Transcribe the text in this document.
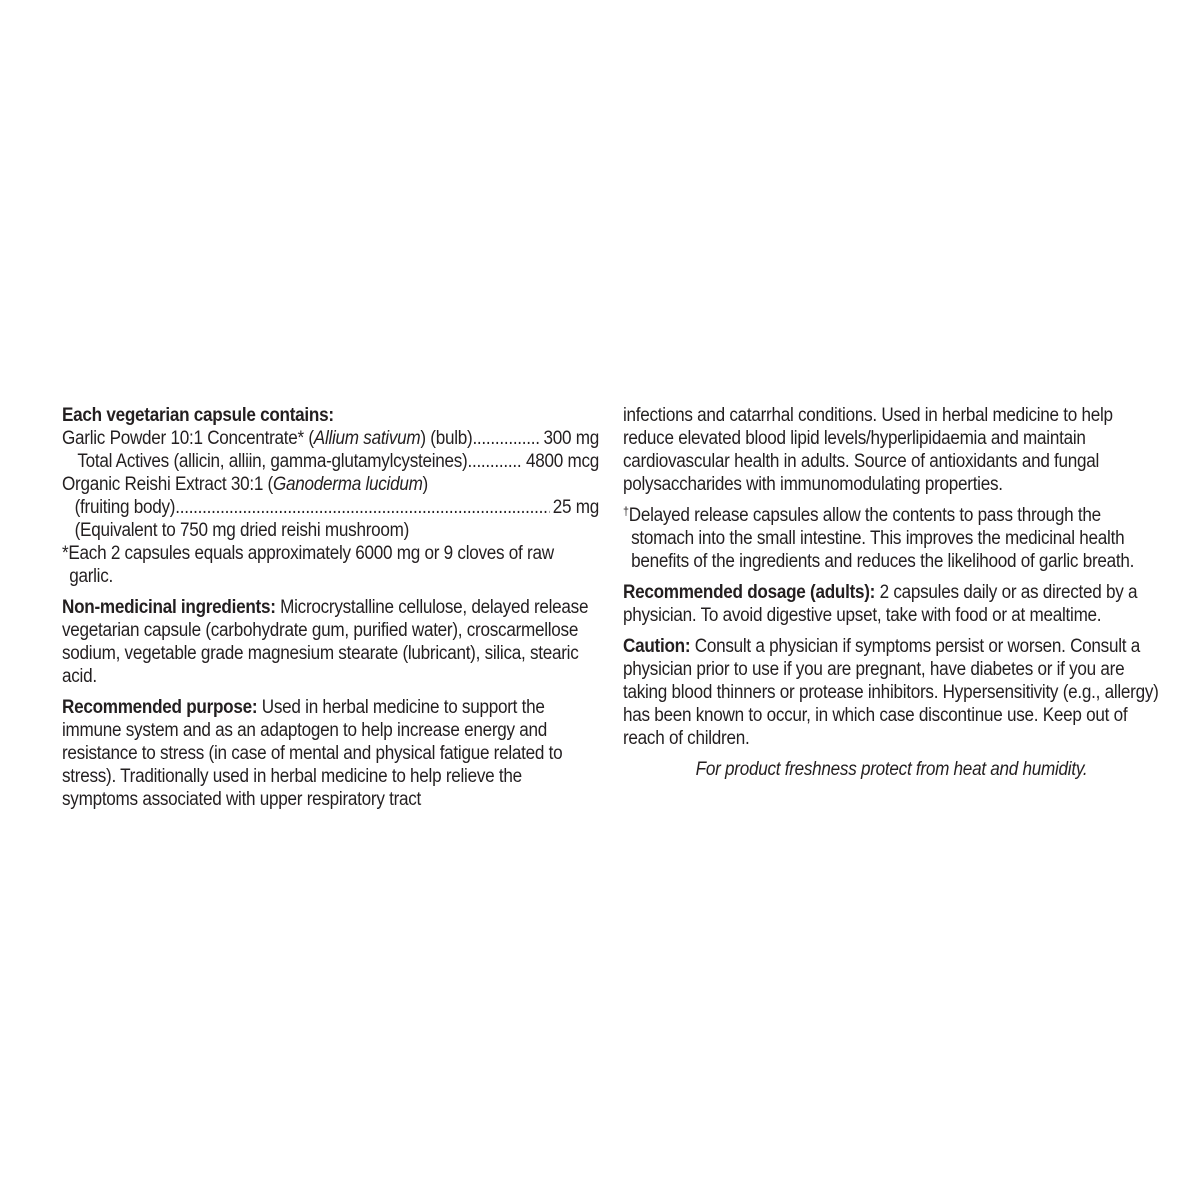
Each vegetarian capsule contains:

Garlic Powder 10:1 Concentrate* (Allium sativum) (bulb) .....	300 mg
Total Actives (allicin, alliin, gamma-glutamylcysteines) .....	4800 mcg
Organic Reishi Extract 30:1 (Ganoderma lucidum)
(fruiting body) .....	25 mg

(Equivalent to 750 mg dried reishi mushroom)

*Each 2 capsules equals approximately 6000 mg or 9 cloves of raw garlic.

Non-medicinal ingredients: Microcrystalline cellulose, delayed release vegetarian capsule (carbohydrate gum, purified water), croscarmellose sodium, vegetable grade magnesium stearate (lubricant), silica, stearic acid.

Recommended purpose: Used in herbal medicine to support the immune system and as an adaptogen to help increase energy and resistance to stress (in case of mental and physical fatigue related to stress). Traditionally used in herbal medicine to help relieve the symptoms associated with upper respiratory tract

infections and catarrhal conditions. Used in herbal medicine to help reduce elevated blood lipid levels/hyperlipidaemia and maintain cardiovascular health in adults. Source of antioxidants and fungal polysaccharides with immunomodulating properties.

†Delayed release capsules allow the contents to pass through the stomach into the small intestine. This improves the medicinal health benefits of the ingredients and reduces the likelihood of garlic breath.

Recommended dosage (adults): 2 capsules daily or as directed by a physician. To avoid digestive upset, take with food or at mealtime.

Caution: Consult a physician if symptoms persist or worsen. Consult a physician prior to use if you are pregnant, have diabetes or if you are taking blood thinners or protease inhibitors. Hypersensitivity (e.g., allergy) has been known to occur, in which case discontinue use. Keep out of reach of children.

For product freshness protect from heat and humidity.
